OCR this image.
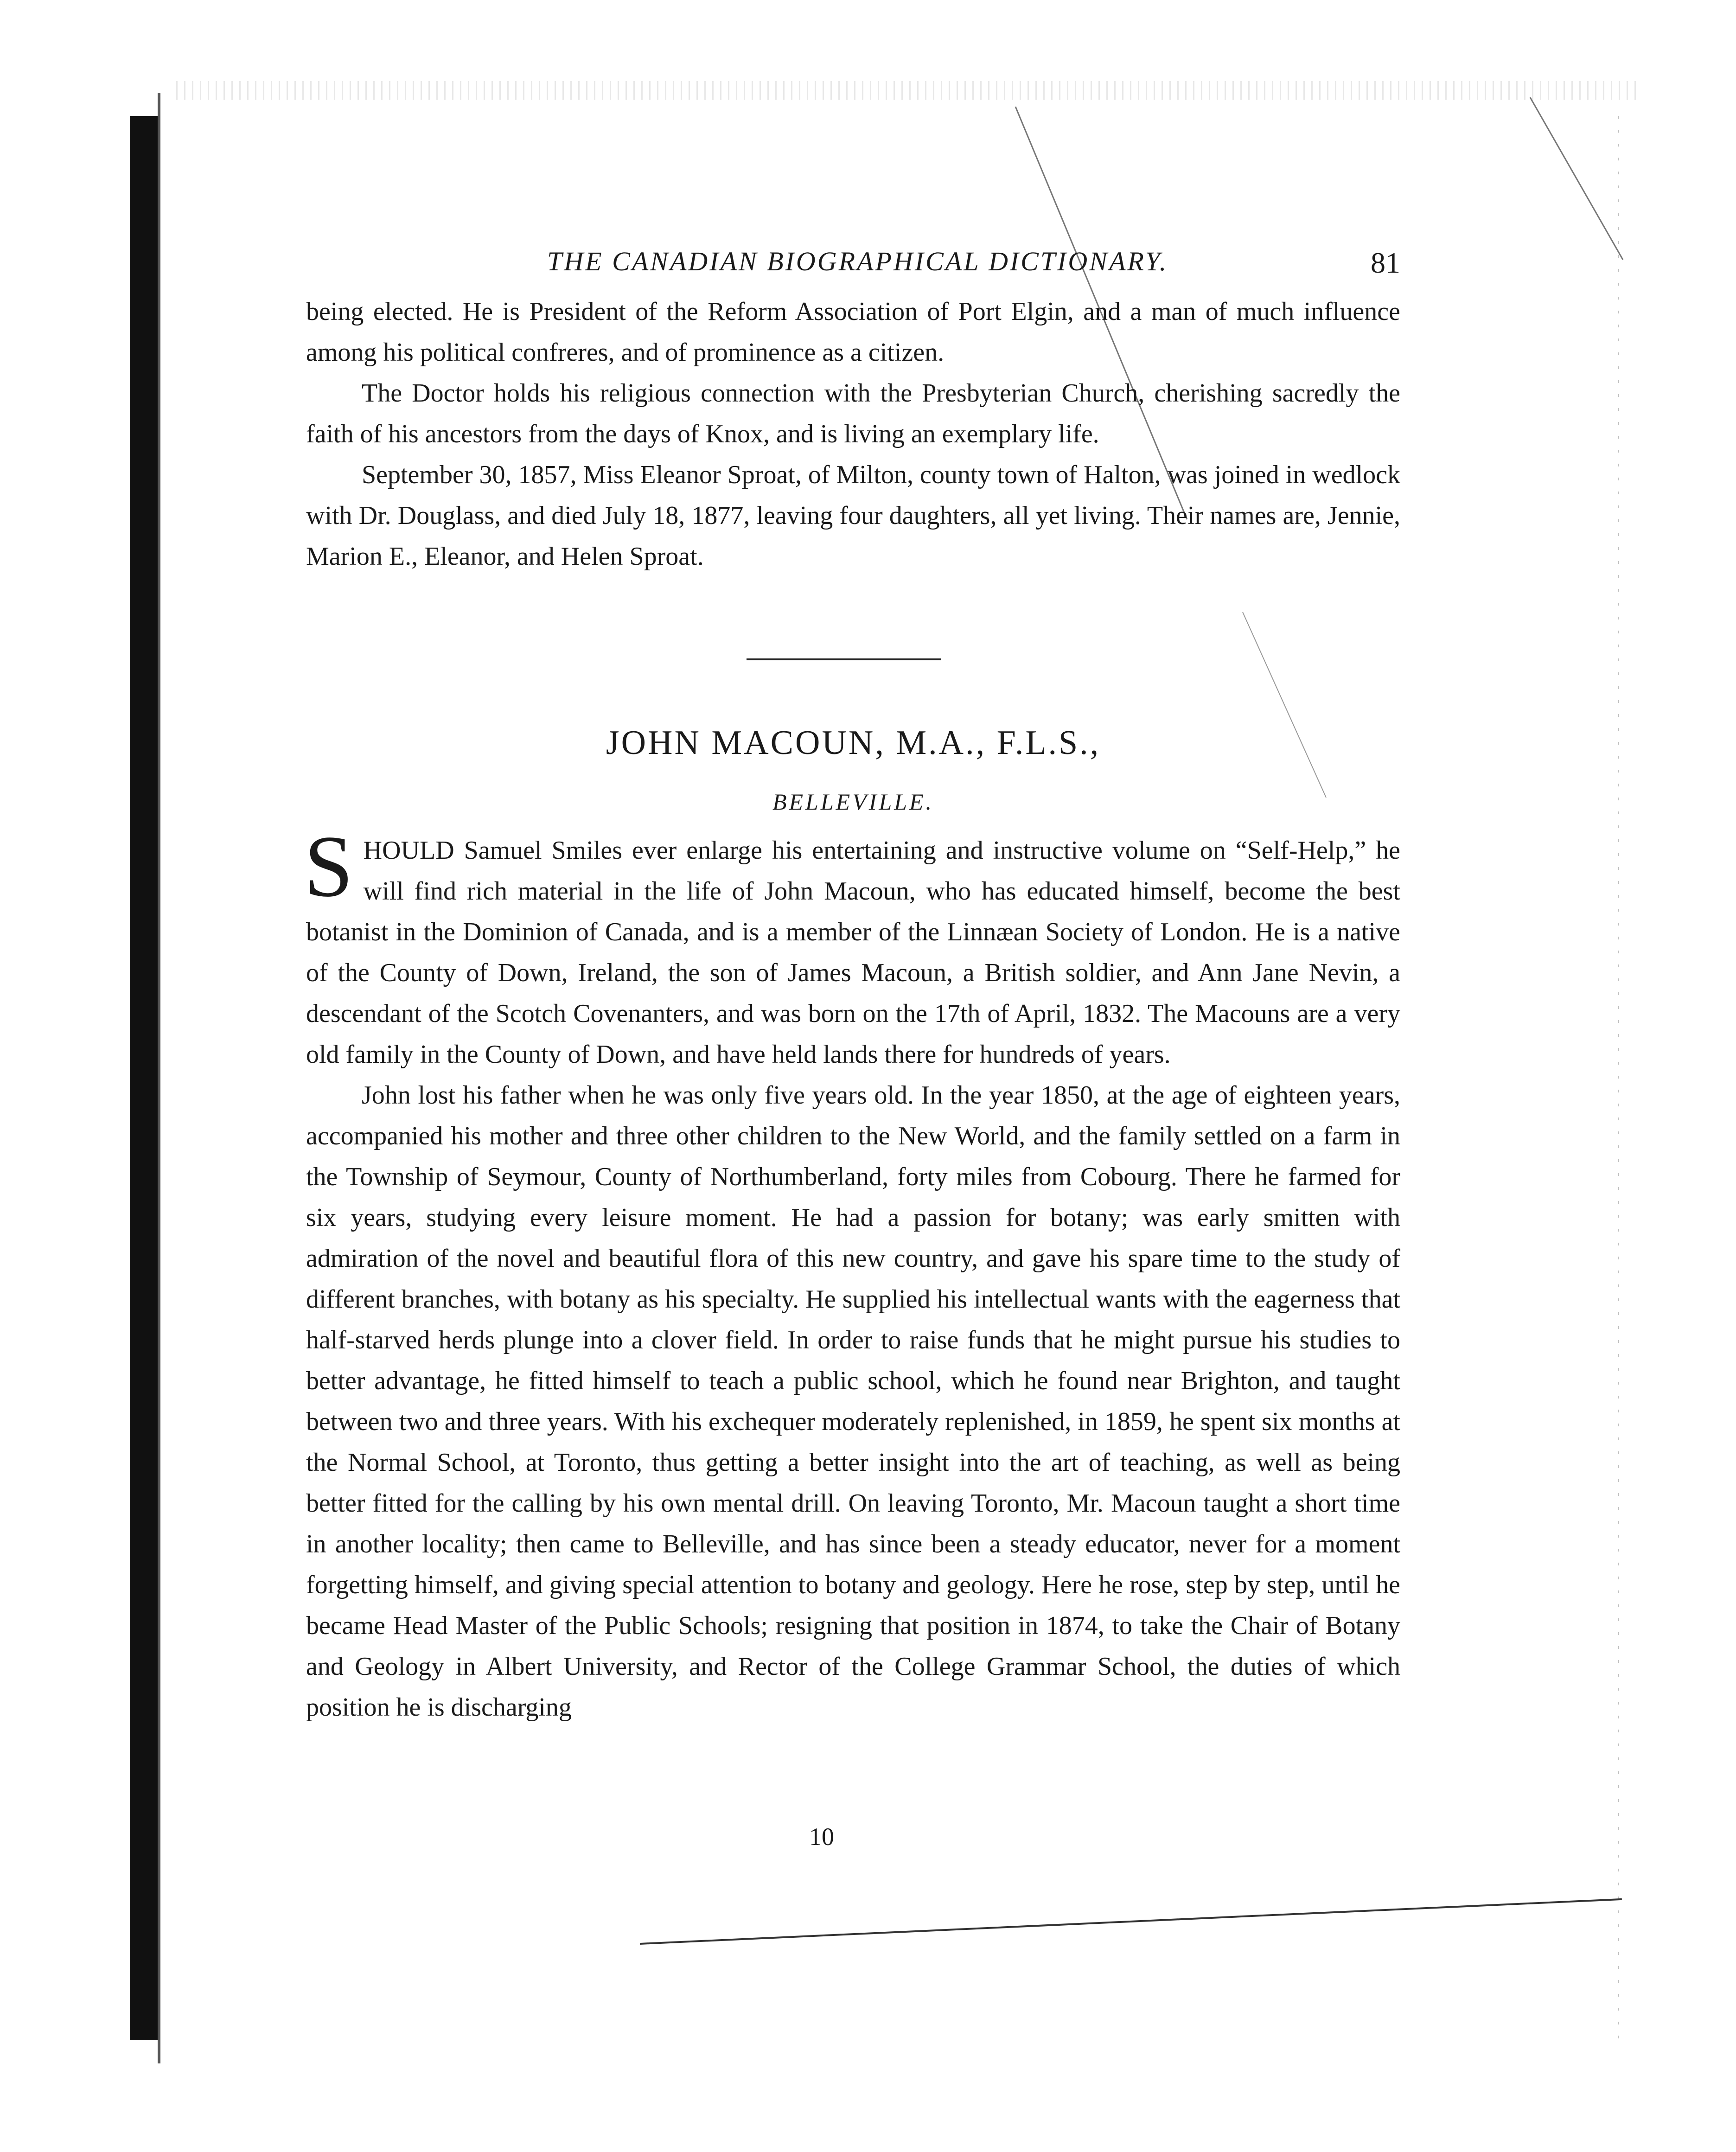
THE CANADIAN BIOGRAPHICAL DICTIONARY.	81

being elected. He is President of the Reform Association of Port Elgin, and a man of much influence among his political confreres, and of prominence as a citizen.

The Doctor holds his religious connection with the Presbyterian Church, cherishing sacredly the faith of his ancestors from the days of Knox, and is living an exemplary life.

September 30, 1857, Miss Eleanor Sproat, of Milton, county town of Halton, was joined in wedlock with Dr. Douglass, and died July 18, 1877, leaving four daughters, all yet living. Their names are, Jennie, Marion E., Eleanor, and Helen Sproat.

JOHN MACOUN, M.A., F.L.S.,
BELLEVILLE.

SHOULD Samuel Smiles ever enlarge his entertaining and instructive volume on “Self-Help,” he will find rich material in the life of John Macoun, who has educated himself, become the best botanist in the Dominion of Canada, and is a member of the Linnæan Society of London. He is a native of the County of Down, Ireland, the son of James Macoun, a British soldier, and Ann Jane Nevin, a descendant of the Scotch Covenanters, and was born on the 17th of April, 1832. The Macouns are a very old family in the County of Down, and have held lands there for hundreds of years.

John lost his father when he was only five years old. In the year 1850, at the age of eighteen years, accompanied his mother and three other children to the New World, and the family settled on a farm in the Township of Seymour, County of Northumberland, forty miles from Cobourg. There he farmed for six years, studying every leisure moment. He had a passion for botany; was early smitten with admiration of the novel and beautiful flora of this new country, and gave his spare time to the study of different branches, with botany as his specialty. He supplied his intellectual wants with the eagerness that half-starved herds plunge into a clover field. In order to raise funds that he might pursue his studies to better advantage, he fitted himself to teach a public school, which he found near Brighton, and taught between two and three years. With his exchequer moderately replenished, in 1859, he spent six months at the Normal School, at Toronto, thus getting a better insight into the art of teaching, as well as being better fitted for the calling by his own mental drill. On leaving Toronto, Mr. Macoun taught a short time in another locality; then came to Belleville, and has since been a steady educator, never for a moment forgetting himself, and giving special attention to botany and geology. Here he rose, step by step, until he became Head Master of the Public Schools; resigning that position in 1874, to take the Chair of Botany and Geology in Albert University, and Rector of the College Grammar School, the duties of which position he is discharging

10
